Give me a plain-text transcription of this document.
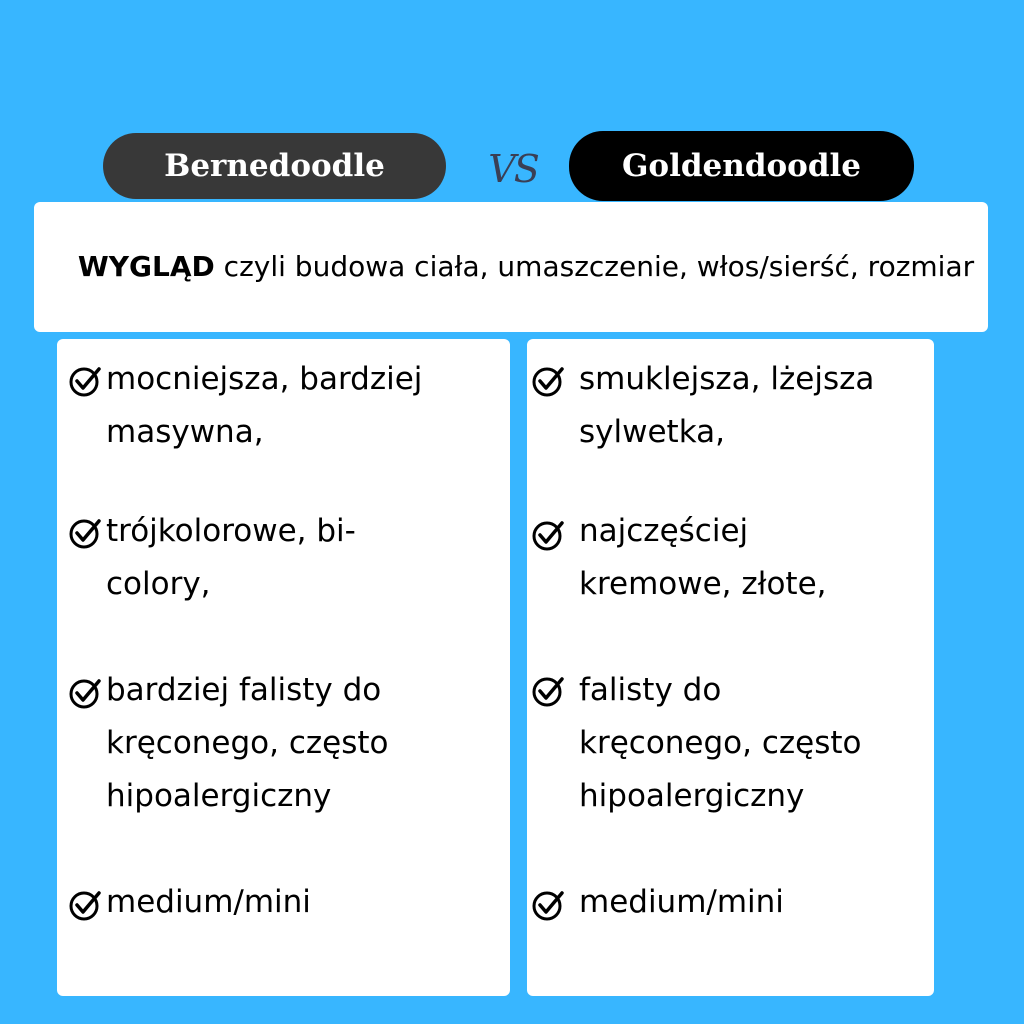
Bernedoodle	VS	Goldendoodle
WYGLĄD czyli budowa ciała, umaszczenie, włos/sierść, rozmiar
mocniejsza, bardziej
masywna,
trójkolorowe, bi-
colory,
bardziej falisty do
kręconego, często
hipoalergiczny
medium/mini
smuklejsza, lżejsza
sylwetka,
najczęściej
kremowe, złote,
falisty do
kręconego, często
hipoalergiczny
medium/mini
